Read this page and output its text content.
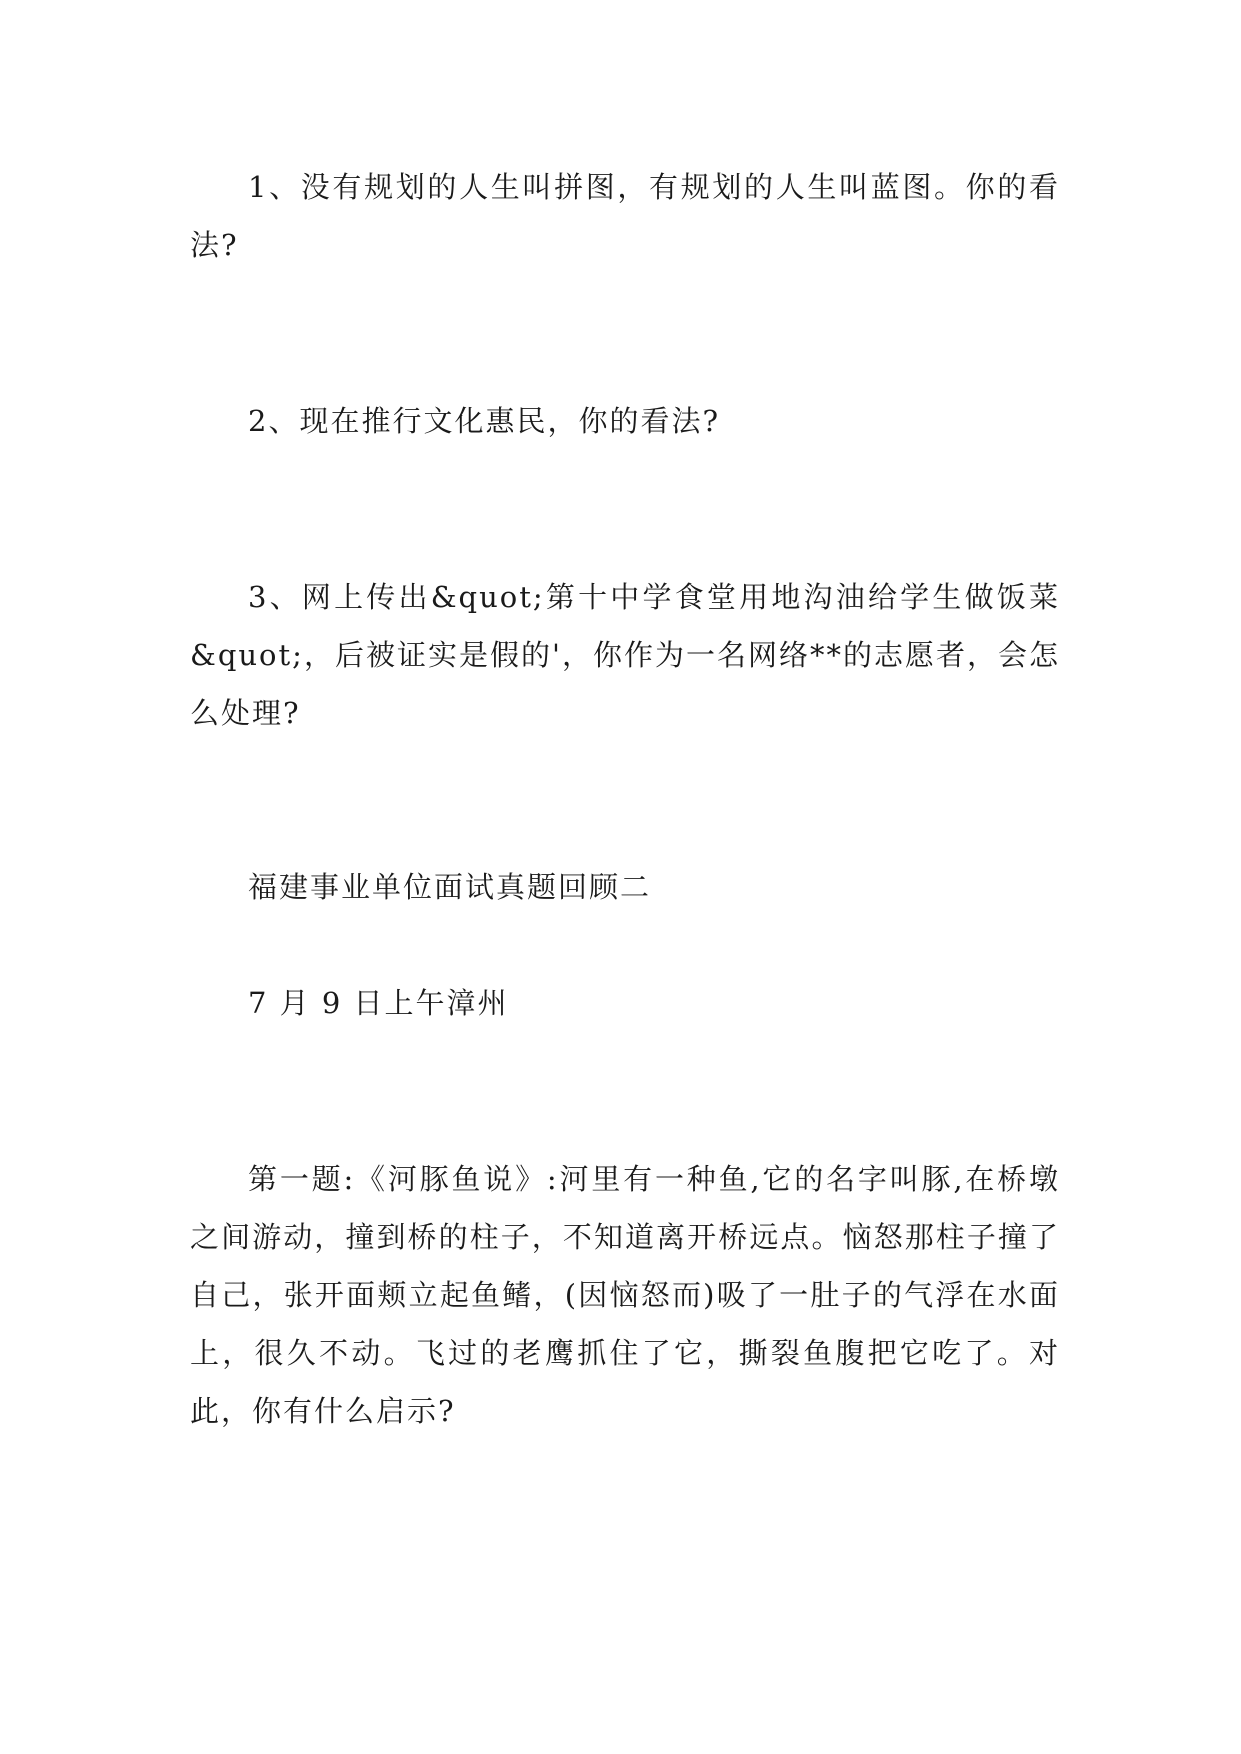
1、没有规划的人生叫拼图，有规划的人生叫蓝图。你的看法?

2、现在推行文化惠民，你的看法?

3、网上传出&quot;第十中学食堂用地沟油给学生做饭菜&quot;，后被证实是假的'，你作为一名网络**的志愿者，会怎么处理?

福建事业单位面试真题回顾二

7 月 9 日上午漳州

第一题:《河豚鱼说》:河里有一种鱼,它的名字叫豚,在桥墩之间游动，撞到桥的柱子，不知道离开桥远点。恼怒那柱子撞了自己，张开面颊立起鱼鳍，(因恼怒而)吸了一肚子的气浮在水面上，很久不动。飞过的老鹰抓住了它，撕裂鱼腹把它吃了。对此，你有什么启示?
